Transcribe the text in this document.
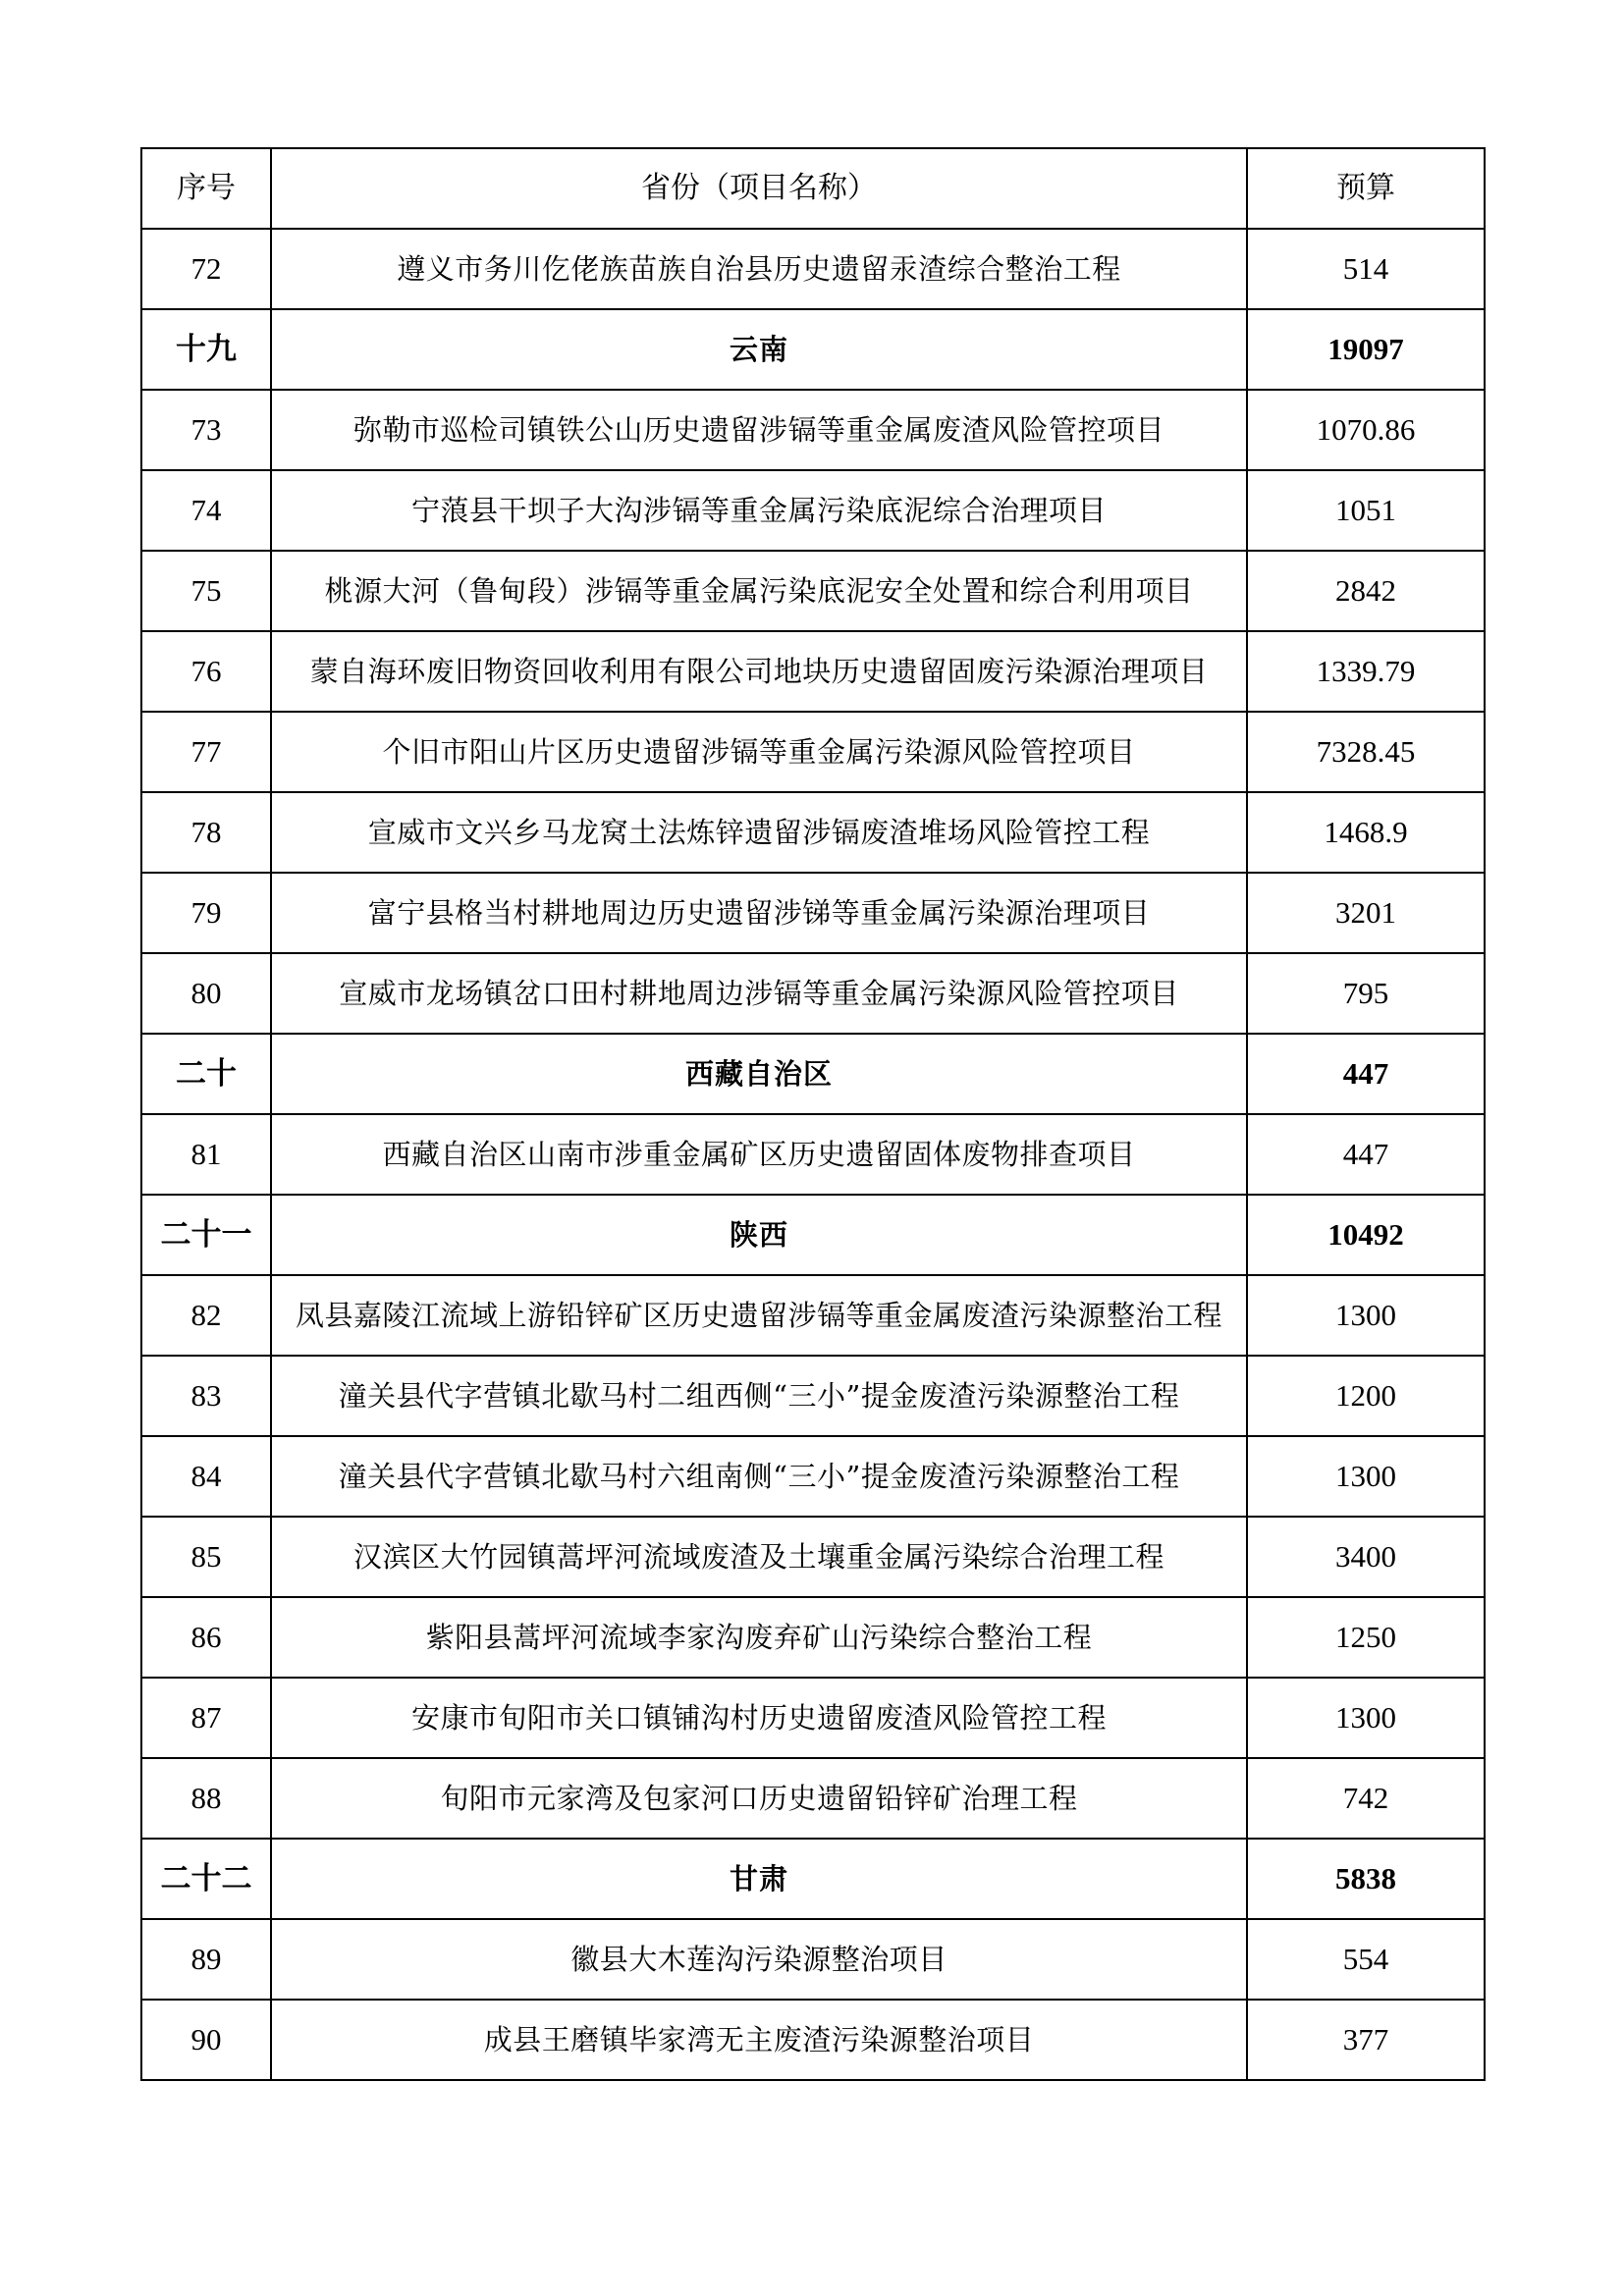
序号	省份（项目名称）	预算
72	遵义市务川仡佬族苗族自治县历史遗留汞渣综合整治工程	514
十九	云南	19097
73	弥勒市巡检司镇铁公山历史遗留涉镉等重金属废渣风险管控项目	1070.86
74	宁蒗县干坝子大沟涉镉等重金属污染底泥综合治理项目	1051
75	桃源大河（鲁甸段）涉镉等重金属污染底泥安全处置和综合利用项目	2842
76	蒙自海环废旧物资回收利用有限公司地块历史遗留固废污染源治理项目	1339.79
77	个旧市阳山片区历史遗留涉镉等重金属污染源风险管控项目	7328.45
78	宣威市文兴乡马龙窝土法炼锌遗留涉镉废渣堆场风险管控工程	1468.9
79	富宁县格当村耕地周边历史遗留涉锑等重金属污染源治理项目	3201
80	宣威市龙场镇岔口田村耕地周边涉镉等重金属污染源风险管控项目	795
二十	西藏自治区	447
81	西藏自治区山南市涉重金属矿区历史遗留固体废物排查项目	447
二十一	陕西	10492
82	凤县嘉陵江流域上游铅锌矿区历史遗留涉镉等重金属废渣污染源整治工程	1300
83	潼关县代字营镇北歇马村二组西侧“三小”提金废渣污染源整治工程	1200
84	潼关县代字营镇北歇马村六组南侧“三小”提金废渣污染源整治工程	1300
85	汉滨区大竹园镇蒿坪河流域废渣及土壤重金属污染综合治理工程	3400
86	紫阳县蒿坪河流域李家沟废弃矿山污染综合整治工程	1250
87	安康市旬阳市关口镇铺沟村历史遗留废渣风险管控工程	1300
88	旬阳市元家湾及包家河口历史遗留铅锌矿治理工程	742
二十二	甘肃	5838
89	徽县大木莲沟污染源整治项目	554
90	成县王磨镇毕家湾无主废渣污染源整治项目	377
